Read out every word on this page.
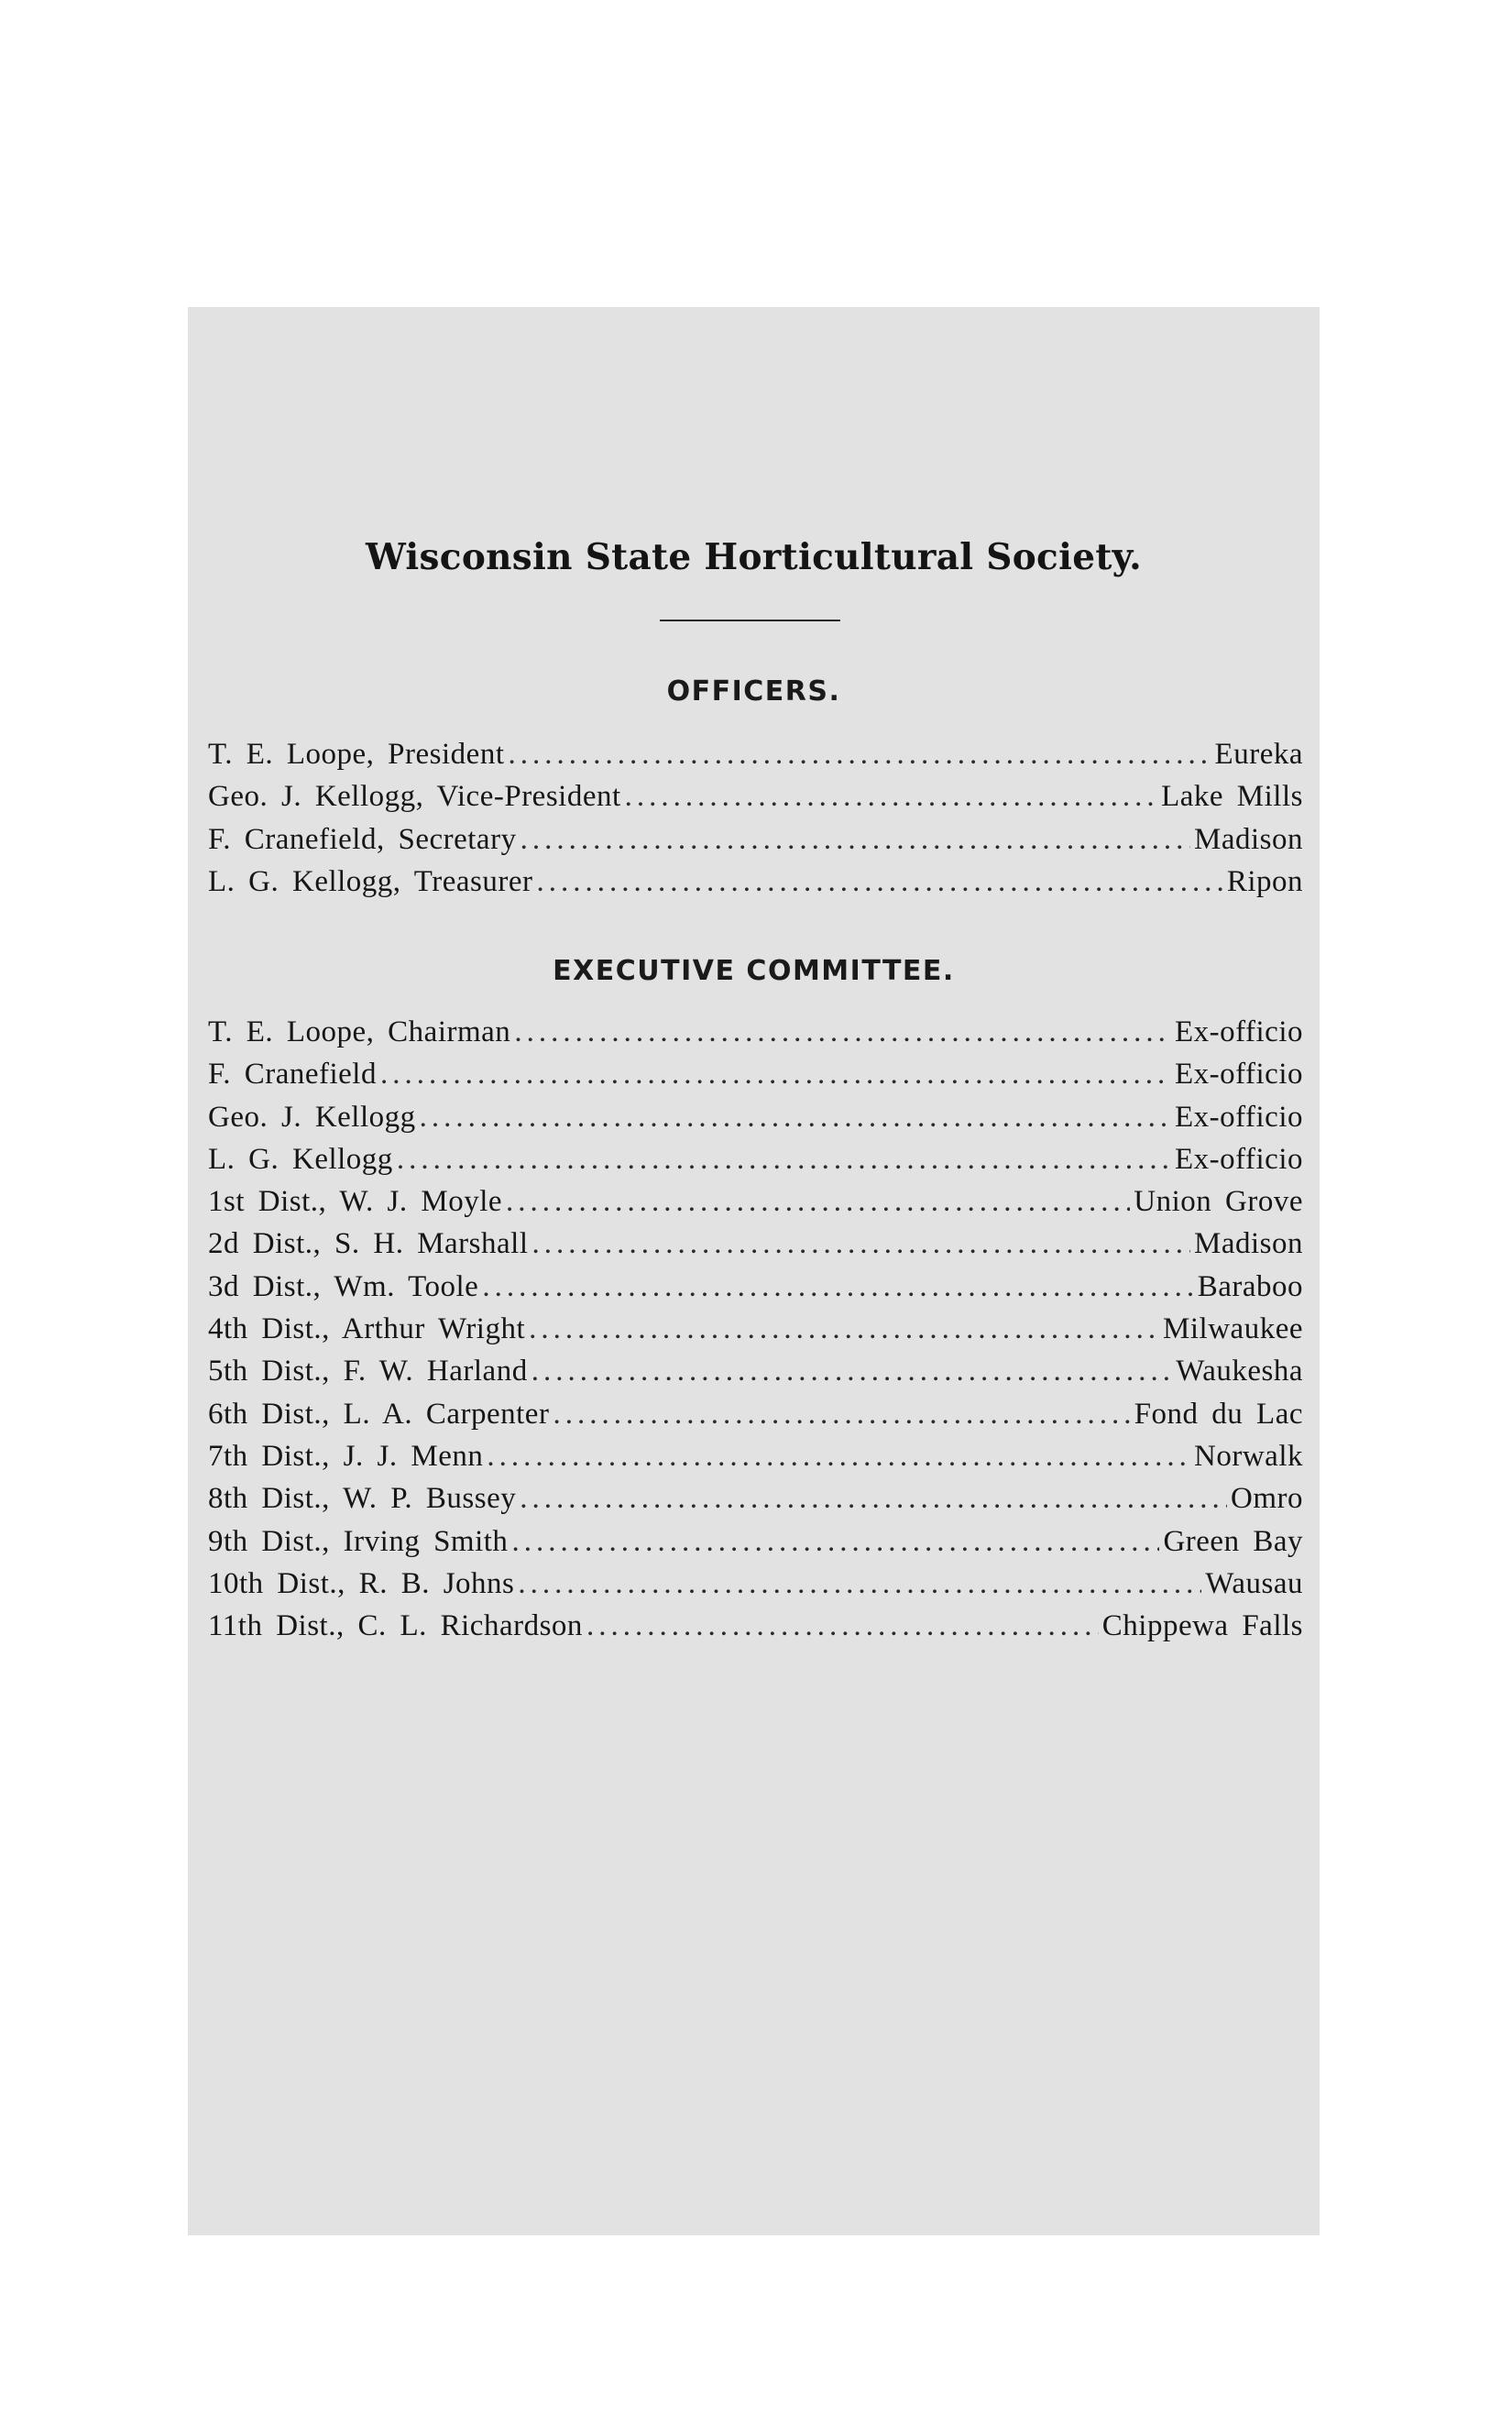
Wisconsin State Horticultural Society.
OFFICERS.
T. E. Loope, President .....	Eureka
Geo. J. Kellogg, Vice-President .....	Lake Mills
F. Cranefield, Secretary .....	Madison
L. G. Kellogg, Treasurer .....	Ripon
EXECUTIVE COMMITTEE.
T. E. Loope, Chairman .....	Ex-officio
F. Cranefield .....	Ex-officio
Geo. J. Kellogg .....	Ex-officio
L. G. Kellogg .....	Ex-officio
1st Dist., W. J. Moyle .....	Union Grove
2d Dist., S. H. Marshall .....	Madison
3d Dist., Wm. Toole .....	Baraboo
4th Dist., Arthur Wright .....	Milwaukee
5th Dist., F. W. Harland .....	Waukesha
6th Dist., L. A. Carpenter .....	Fond du Lac
7th Dist., J. J. Menn .....	Norwalk
8th Dist., W. P. Bussey .....	Omro
9th Dist., Irving Smith .....	Green Bay
10th Dist., R. B. Johns .....	Wausau
11th Dist., C. L. Richardson .....	Chippewa Falls
